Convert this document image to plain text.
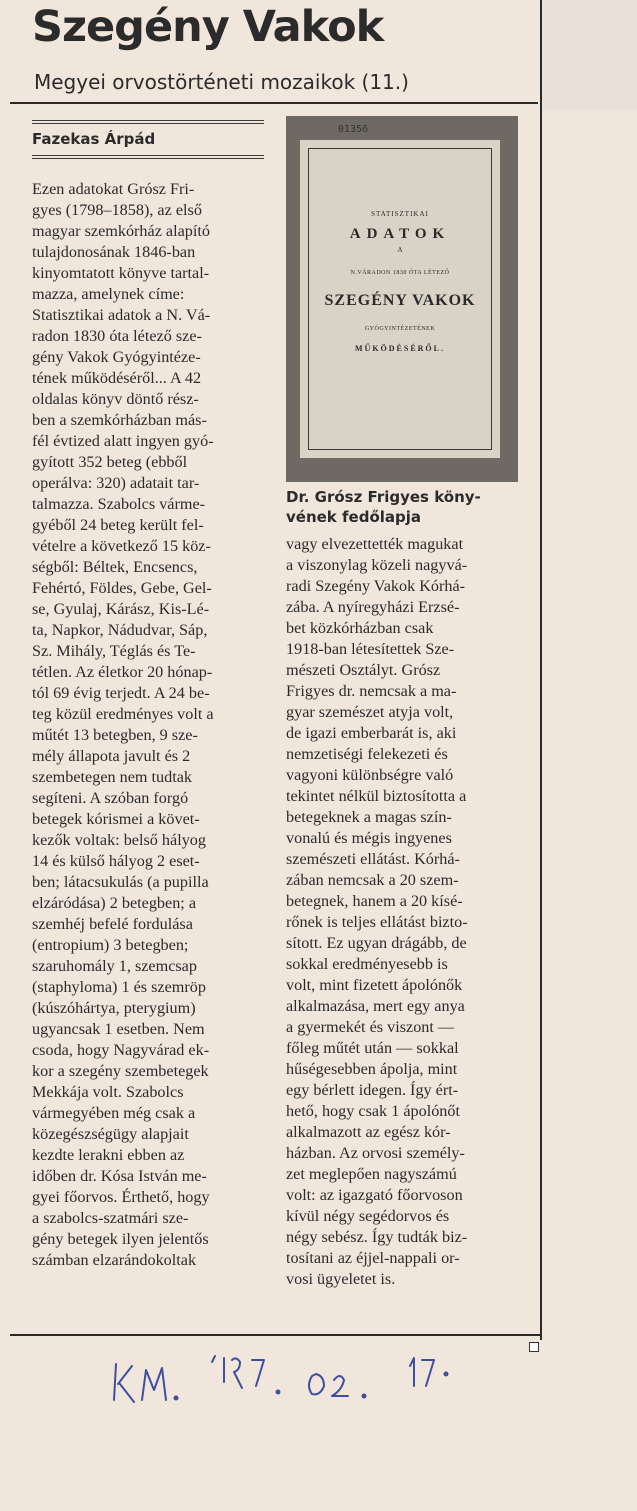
Szegény Vakok
Megyei orvostörténeti mozaikok (11.)
Fazekas Árpád
Ezen adatokat Grósz Fri-
gyes (1798–1858), az első
magyar szemkórház alapító
tulajdonosának 1846-ban
kinyomtatott könyve tartal-
mazza, amelynek címe:
Statisztikai adatok a N. Vá-
radon 1830 óta létező sze-
gény Vakok Gyógyintéze-
tének működéséről... A 42
oldalas könyv döntő rész-
ben a szemkórházban más-
fél évtized alatt ingyen gyó-
gyított 352 beteg (ebből
operálva: 320) adatait tar-
talmazza. Szabolcs várme-
gyéből 24 beteg került fel-
vételre a következő 15 köz-
ségből: Béltek, Encsencs,
Fehértó, Földes, Gebe, Gel-
se, Gyulaj, Kárász, Kis-Lé-
ta, Napkor, Nádudvar, Sáp,
Sz. Mihály, Téglás és Te-
tétlen. Az életkor 20 hónap-
tól 69 évig terjedt. A 24 be-
teg közül eredményes volt a
műtét 13 betegben, 9 sze-
mély állapota javult és 2
szembetegen nem tudtak
segíteni. A szóban forgó
betegek kórismei a követ-
kezők voltak: belső hályog
14 és külső hályog 2 eset-
ben; látacsukulás (a pupilla
elzáródása) 2 betegben; a
szemhéj befelé fordulása
(entropium) 3 betegben;
szaruhomály 1, szemcsap
(staphyloma) 1 és szemröp
(kúszóhártya, pterygium)
ugyancsak 1 esetben. Nem
csoda, hogy Nagyvárad ek-
kor a szegény szembetegek
Mekkája volt. Szabolcs
vármegyében még csak a
közegészségügy alapjait
kezdte lerakni ebben az
időben dr. Kósa István me-
gyei főorvos. Érthető, hogy
a szabolcs-szatmári sze-
gény betegek ilyen jelentős
számban elzarándokoltak
01356
STATISZTIKAI
ADATOK
A
N.VÁRADON 1830 ÓTA LÉTEZŐ
SZEGÉNY VAKOK
GYÓGYINTÉZETÉNEK
MŰKÖDÉSÉRŐL.
Dr. Grósz Frigyes köny-
vének fedőlapja
vagy elvezettették magukat
a viszonylag közeli nagyvá-
radi Szegény Vakok Kórhá-
zába. A nyíregyházi Erzsé-
bet közkórházban csak
1918-ban létesítettek Sze-
mészeti Osztályt. Grósz
Frigyes dr. nemcsak a ma-
gyar szemészet atyja volt,
de igazi emberbarát is, aki
nemzetiségi felekezeti és
vagyoni különbségre való
tekintet nélkül biztosította a
betegeknek a magas szín-
vonalú és mégis ingyenes
szemészeti ellátást. Kórhá-
zában nemcsak a 20 szem-
betegnek, hanem a 20 kísé-
rőnek is teljes ellátást bizto-
sított. Ez ugyan drágább, de
sokkal eredményesebb is
volt, mint fizetett ápolónők
alkalmazása, mert egy anya
a gyermekét és viszont —
főleg műtét után — sokkal
hűségesebben ápolja, mint
egy bérlett idegen. Így ért-
hető, hogy csak 1 ápolónőt
alkalmazott az egész kór-
házban. Az orvosi személy-
zet meglepően nagyszámú
volt: az igazgató főorvoson
kívül négy segédorvos és
négy sebész. Így tudták biz-
tosítani az éjjel-nappali or-
vosi ügyeletet is.
